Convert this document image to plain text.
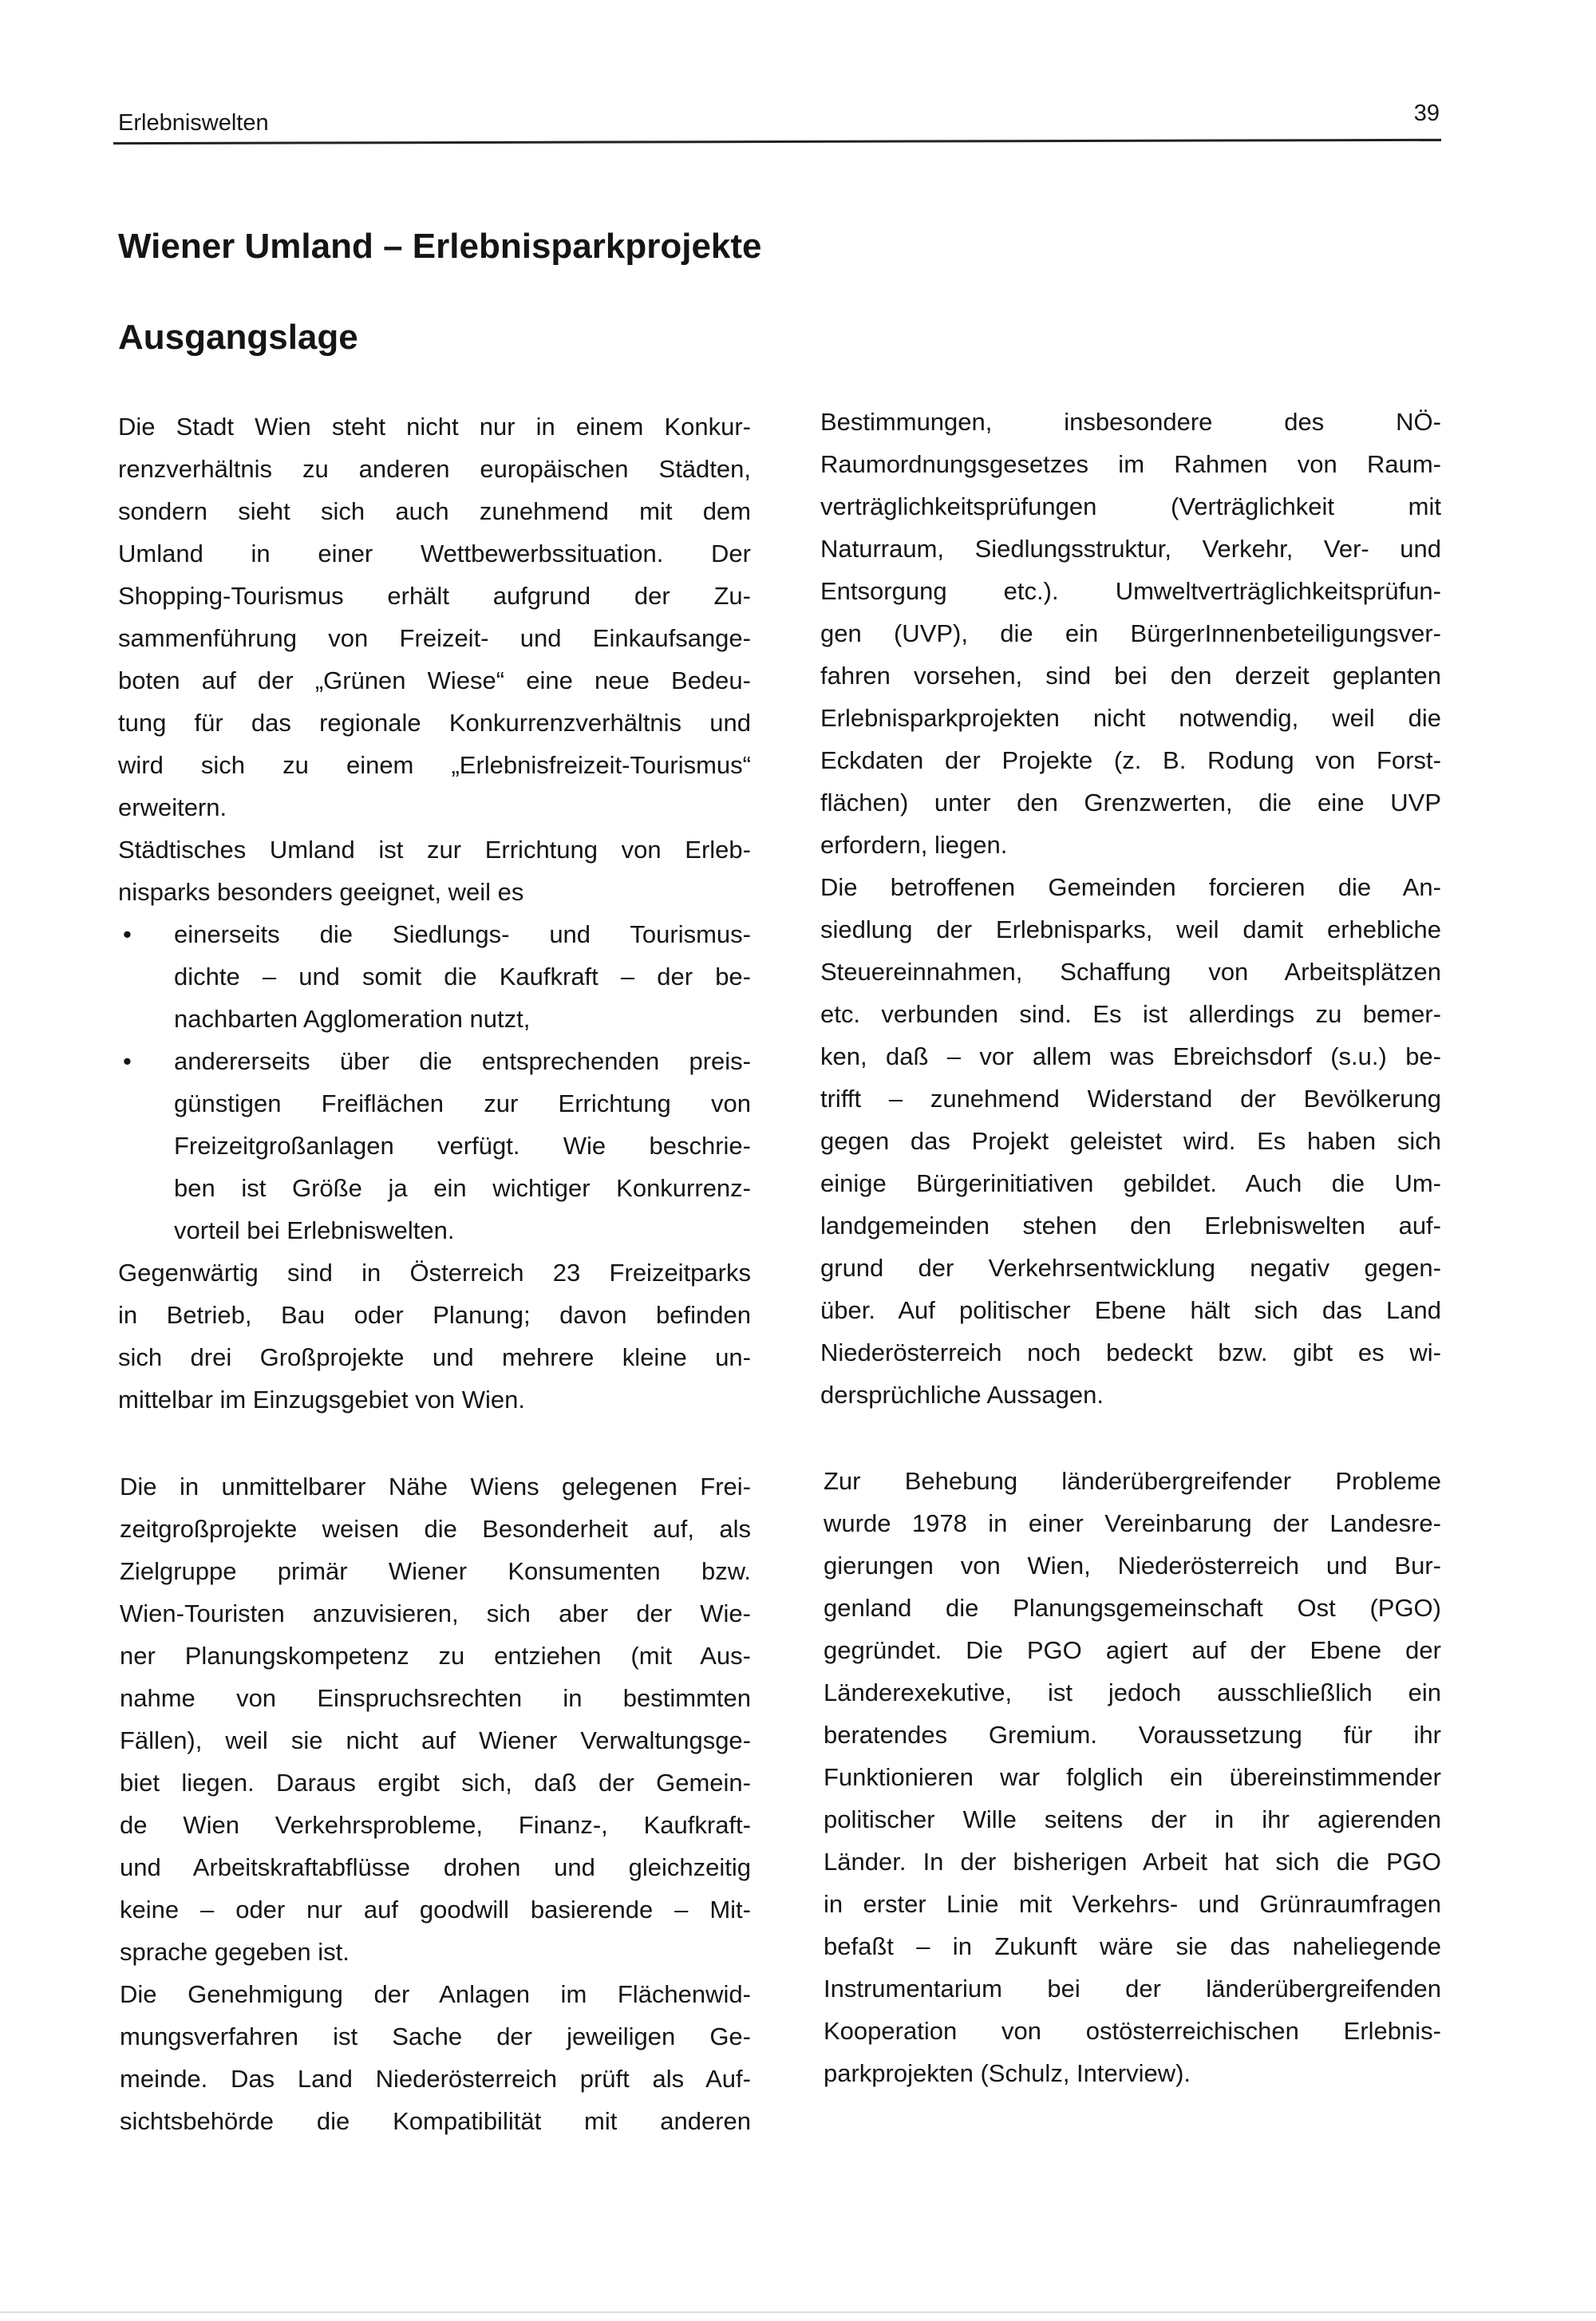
Erlebniswelten	39
Wiener Umland – Erlebnisparkprojekte
Ausgangslage
Die Stadt Wien steht nicht nur in einem Konkur-
renzverhältnis zu anderen europäischen Städten,
sondern sieht sich auch zunehmend mit dem
Umland in einer Wettbewerbssituation. Der
Shopping-Tourismus erhält aufgrund der Zu-
sammenführung von Freizeit- und Einkaufsange-
boten auf der „Grünen Wiese“ eine neue Bedeu-
tung für das regionale Konkurrenzverhältnis und
wird sich zu einem „Erlebnisfreizeit-Tourismus“
erweitern.
Städtisches Umland ist zur Errichtung von Erleb-
nisparks besonders geeignet, weil es
• einerseits die Siedlungs- und Tourismus-
dichte – und somit die Kaufkraft – der be-
nachbarten Agglomeration nutzt,
• andererseits über die entsprechenden preis-
günstigen Freiflächen zur Errichtung von
Freizeitgroßanlagen verfügt. Wie beschrie-
ben ist Größe ja ein wichtiger Konkurrenz-
vorteil bei Erlebniswelten.
Gegenwärtig sind in Österreich 23 Freizeitparks
in Betrieb, Bau oder Planung; davon befinden
sich drei Großprojekte und mehrere kleine un-
mittelbar im Einzugsgebiet von Wien.
Bestimmungen, insbesondere des NÖ-
Raumordnungsgesetzes im Rahmen von Raum-
verträglichkeitsprüfungen (Verträglichkeit mit
Naturraum, Siedlungsstruktur, Verkehr, Ver- und
Entsorgung etc.). Umweltverträglichkeitsprüfun-
gen (UVP), die ein BürgerInnenbeteiligungsver-
fahren vorsehen, sind bei den derzeit geplanten
Erlebnisparkprojekten nicht notwendig, weil die
Eckdaten der Projekte (z. B. Rodung von Forst-
flächen) unter den Grenzwerten, die eine UVP
erfordern, liegen.
Die betroffenen Gemeinden forcieren die An-
siedlung der Erlebnisparks, weil damit erhebliche
Steuereinnahmen, Schaffung von Arbeitsplätzen
etc. verbunden sind. Es ist allerdings zu bemer-
ken, daß – vor allem was Ebreichsdorf (s.u.) be-
trifft – zunehmend Widerstand der Bevölkerung
gegen das Projekt geleistet wird. Es haben sich
einige Bürgerinitiativen gebildet. Auch die Um-
landgemeinden stehen den Erlebniswelten auf-
grund der Verkehrsentwicklung negativ gegen-
über. Auf politischer Ebene hält sich das Land
Niederösterreich noch bedeckt bzw. gibt es wi-
dersprüchliche Aussagen.
Die in unmittelbarer Nähe Wiens gelegenen Frei-
zeitgroßprojekte weisen die Besonderheit auf, als
Zielgruppe primär Wiener Konsumenten bzw.
Wien-Touristen anzuvisieren, sich aber der Wie-
ner Planungskompetenz zu entziehen (mit Aus-
nahme von Einspruchsrechten in bestimmten
Fällen), weil sie nicht auf Wiener Verwaltungsge-
biet liegen. Daraus ergibt sich, daß der Gemein-
de Wien Verkehrsprobleme, Finanz-, Kaufkraft-
und Arbeitskraftabflüsse drohen und gleichzeitig
keine – oder nur auf goodwill basierende – Mit-
sprache gegeben ist.
Die Genehmigung der Anlagen im Flächenwid-
mungsverfahren ist Sache der jeweiligen Ge-
meinde. Das Land Niederösterreich prüft als Auf-
sichtsbehörde die Kompatibilität mit anderen
Zur Behebung länderübergreifender Probleme
wurde 1978 in einer Vereinbarung der Landesre-
gierungen von Wien, Niederösterreich und Bur-
genland die Planungsgemeinschaft Ost (PGO)
gegründet. Die PGO agiert auf der Ebene der
Länderexekutive, ist jedoch ausschließlich ein
beratendes Gremium. Voraussetzung für ihr
Funktionieren war folglich ein übereinstimmender
politischer Wille seitens der in ihr agierenden
Länder. In der bisherigen Arbeit hat sich die PGO
in erster Linie mit Verkehrs- und Grünraumfragen
befaßt – in Zukunft wäre sie das naheliegende
Instrumentarium bei der länderübergreifenden
Kooperation von ostösterreichischen Erlebnis-
parkprojekten (Schulz, Interview).
